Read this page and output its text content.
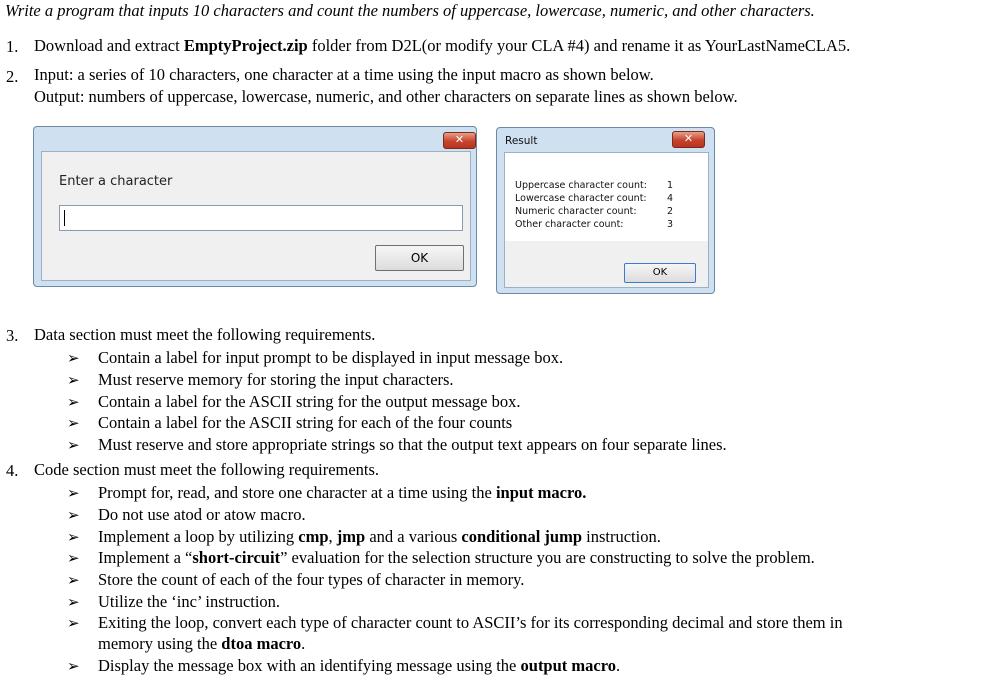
Write a program that inputs 10 characters and count the numbers of uppercase, lowercase, numeric, and other characters.
1. Download and extract EmptyProject.zip folder from D2L(or modify your CLA #4) and rename it as YourLastNameCLA5.
2. Input: a series of 10 characters, one character at a time using the input macro as shown below.
Output: numbers of uppercase, lowercase, numeric, and other characters on separate lines as shown below.
✕
Enter a character
OK
Result	✕
Uppercase character count: 1
Lowercase character count: 4
Numeric character count:	2
Other character count:	3
OK
3. Data section must meet the following requirements.
➢ Contain a label for input prompt to be displayed in input message box.
➢ Must reserve memory for storing the input characters.
➢ Contain a label for the ASCII string for the output message box.
➢ Contain a label for the ASCII string for each of the four counts
➢ Must reserve and store appropriate strings so that the output text appears on four separate lines.
4. Code section must meet the following requirements.
➢ Prompt for, read, and store one character at a time using the input macro.
➢ Do not use atod or atow macro.
➢ Implement a loop by utilizing cmp, jmp and a various conditional jump instruction.
➢ Implement a “short-circuit” evaluation for the selection structure you are constructing to solve the problem.
➢ Store the count of each of the four types of character in memory.
➢ Utilize the ‘inc’ instruction.
➢ Exiting the loop, convert each type of character count to ASCII’s for its corresponding decimal and store them in
memory using the dtoa macro.
➢ Display the message box with an identifying message using the output macro.
